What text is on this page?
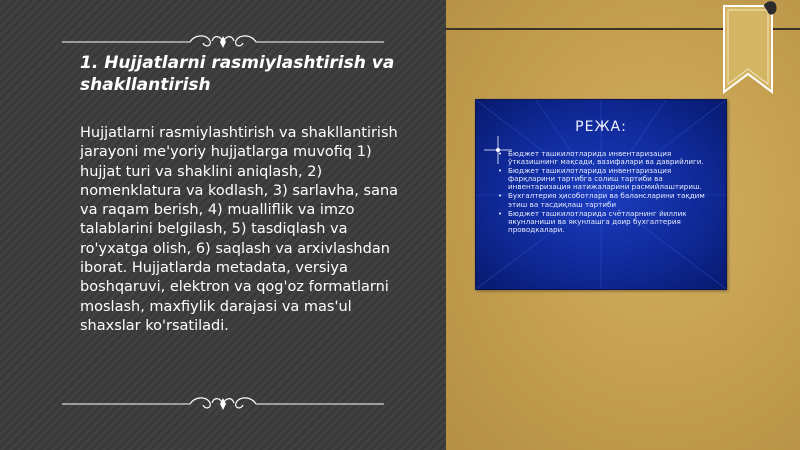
1. Hujjatlarni rasmiylashtirish va shakllantirish

Hujjatlarni rasmiylashtirish va shakllantirish jarayoni me'yoriy hujjatlarga muvofiq 1) hujjat turi va shaklini aniqlash, 2) nomenklatura va kodlash, 3) sarlavha, sana va raqam berish, 4) mualliflik va imzo talablarini belgilash, 5) tasdiqlash va ro'yxatga olish, 6) saqlash va arxivlashdan iborat. Hujjatlarda metadata, versiya boshqaruvi, elektron va qog'oz formatlarni moslash, maxfiylik darajasi va mas'ul shaxslar ko'rsatiladi.

РЕЖА:
• Бюджет ташкилотларида инвентаризация ўтказишнинг мақсади, вазифалари ва даврийлиги.
• Бюджет ташкилотларида инвентаризация фарқларини тартибга солиш тартиби ва инвентаризация натижаларини расмийлаштириш.
• Бухгалтерия ҳисоботлари ва балансларини тақдим этиш ва тасдиқлаш тартиби
• Бюджет ташкилотларида счётларнинг йиллик якунланиши ва якунлашга доир бухгалтерия проводкалари.
